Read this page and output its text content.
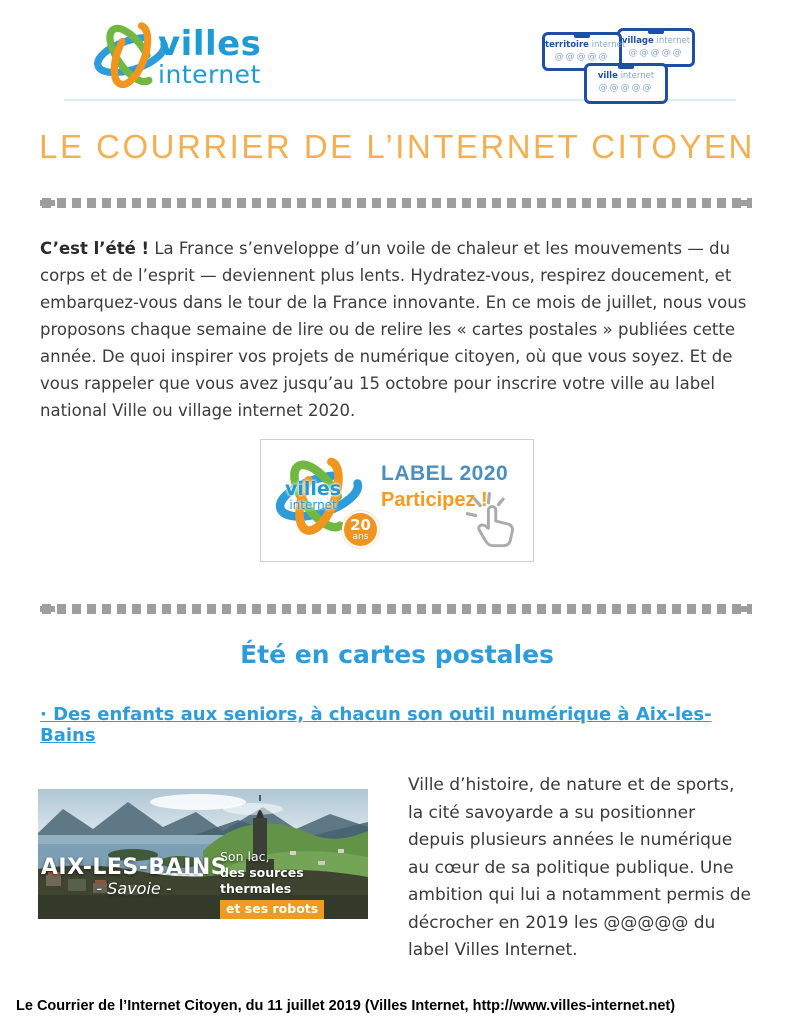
villes
internet
territoire internet
@@@@@
village internet
@@@@@
ville internet
@@@@@
LE COURRIER DE L’INTERNET CITOYEN

C’est l’été ! La France s’enveloppe d’un voile de chaleur et les mouvements — du corps et de l’esprit — deviennent plus lents. Hydratez-vous, respirez doucement, et embarquez-vous dans le tour de la France innovante. En ce mois de juillet, nous vous proposons chaque semaine de lire ou de relire les « cartes postales » publiées cette année. De quoi inspirer vos projets de numérique citoyen, où que vous soyez. Et de vous rappeler que vous avez jusqu’au 15 octobre pour inscrire votre ville au label national Ville ou village internet 2020.

villes
internet
20
ans
LABEL 2020
Participez !
Été en cartes postales
· Des enfants aux seniors, à chacun son outil numérique à Aix-les-Bains
AIX-LES-BAINS
- Savoie -
Son lac,
des sources thermales
et ses robots

Ville d’histoire, de nature et de sports, la cité savoyarde a su positionner depuis plusieurs années le numérique au cœur de sa politique publique. Une ambition qui lui a notamment permis de décrocher en 2019 les @@@@@ du label Villes Internet.

Le Courrier de l’Internet Citoyen, du 11 juillet 2019 (Villes Internet, http://www.villes-internet.net)
